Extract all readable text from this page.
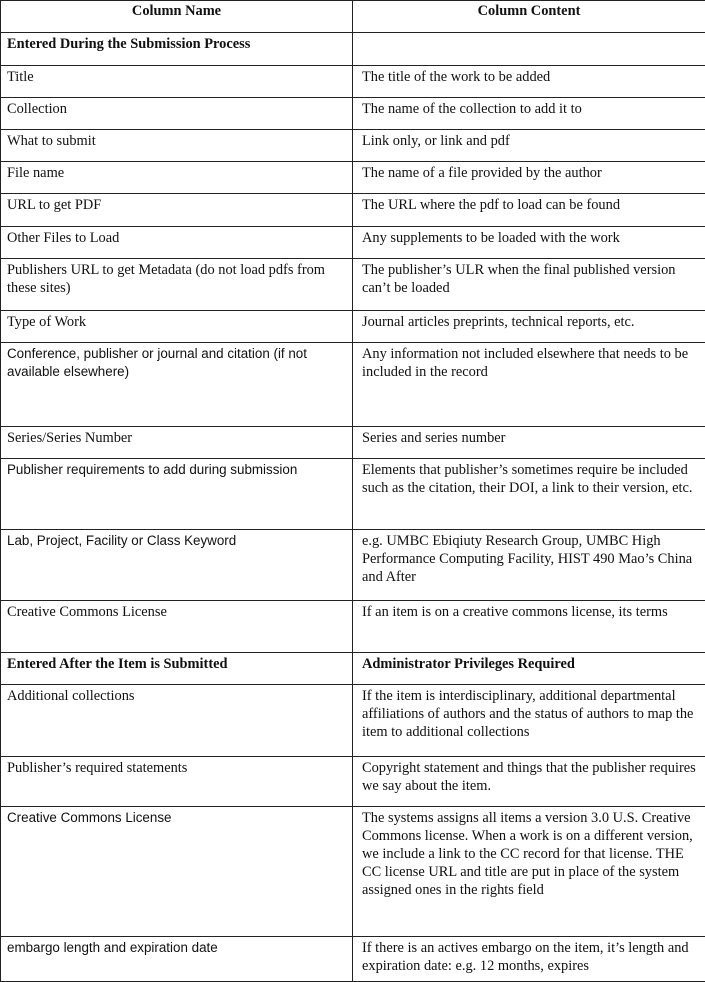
Column Name	Column Content
Entered During the Submission Process	
Title	The title of the work to be added
Collection	The name of the collection to add it to
What to submit	Link only, or link and pdf
File name	The name of a file provided by the author
URL to get PDF	The URL where the pdf to load can be found
Other Files to Load	Any supplements to be loaded with the work
Publishers URL to get Metadata (do not load pdfs from these sites)	The publisher’s ULR when the final published version can’t be loaded
Type of Work	Journal articles preprints, technical reports, etc.
Conference, publisher or journal and citation (if not available elsewhere)	Any information not included elsewhere that needs to be included in the record
Series/Series Number	Series and series number
Publisher requirements to add during submission	Elements that publisher’s sometimes require be included such as the citation, their DOI, a link to their version, etc.
Lab, Project, Facility or Class Keyword	e.g. UMBC Ebiqiuty Research Group, UMBC High Performance Computing Facility, HIST 490 Mao’s China and After
Creative Commons License	If an item is on a creative commons license, its terms
Entered After the Item is Submitted	Administrator Privileges Required
Additional collections	If the item is interdisciplinary, additional departmental affiliations of authors and the status of authors to map the item to additional collections
Publisher’s required statements	Copyright statement and things that the publisher requires we say about the item.
Creative Commons License	The systems assigns all items a version 3.0 U.S. Creative Commons license. When a work is on a different version, we include a link to the CC record for that license. THE CC license URL and title are put in place of the system assigned ones in the rights field
embargo length and expiration date	If there is an actives embargo on the item, it’s length and expiration date: e.g. 12 months, expires
